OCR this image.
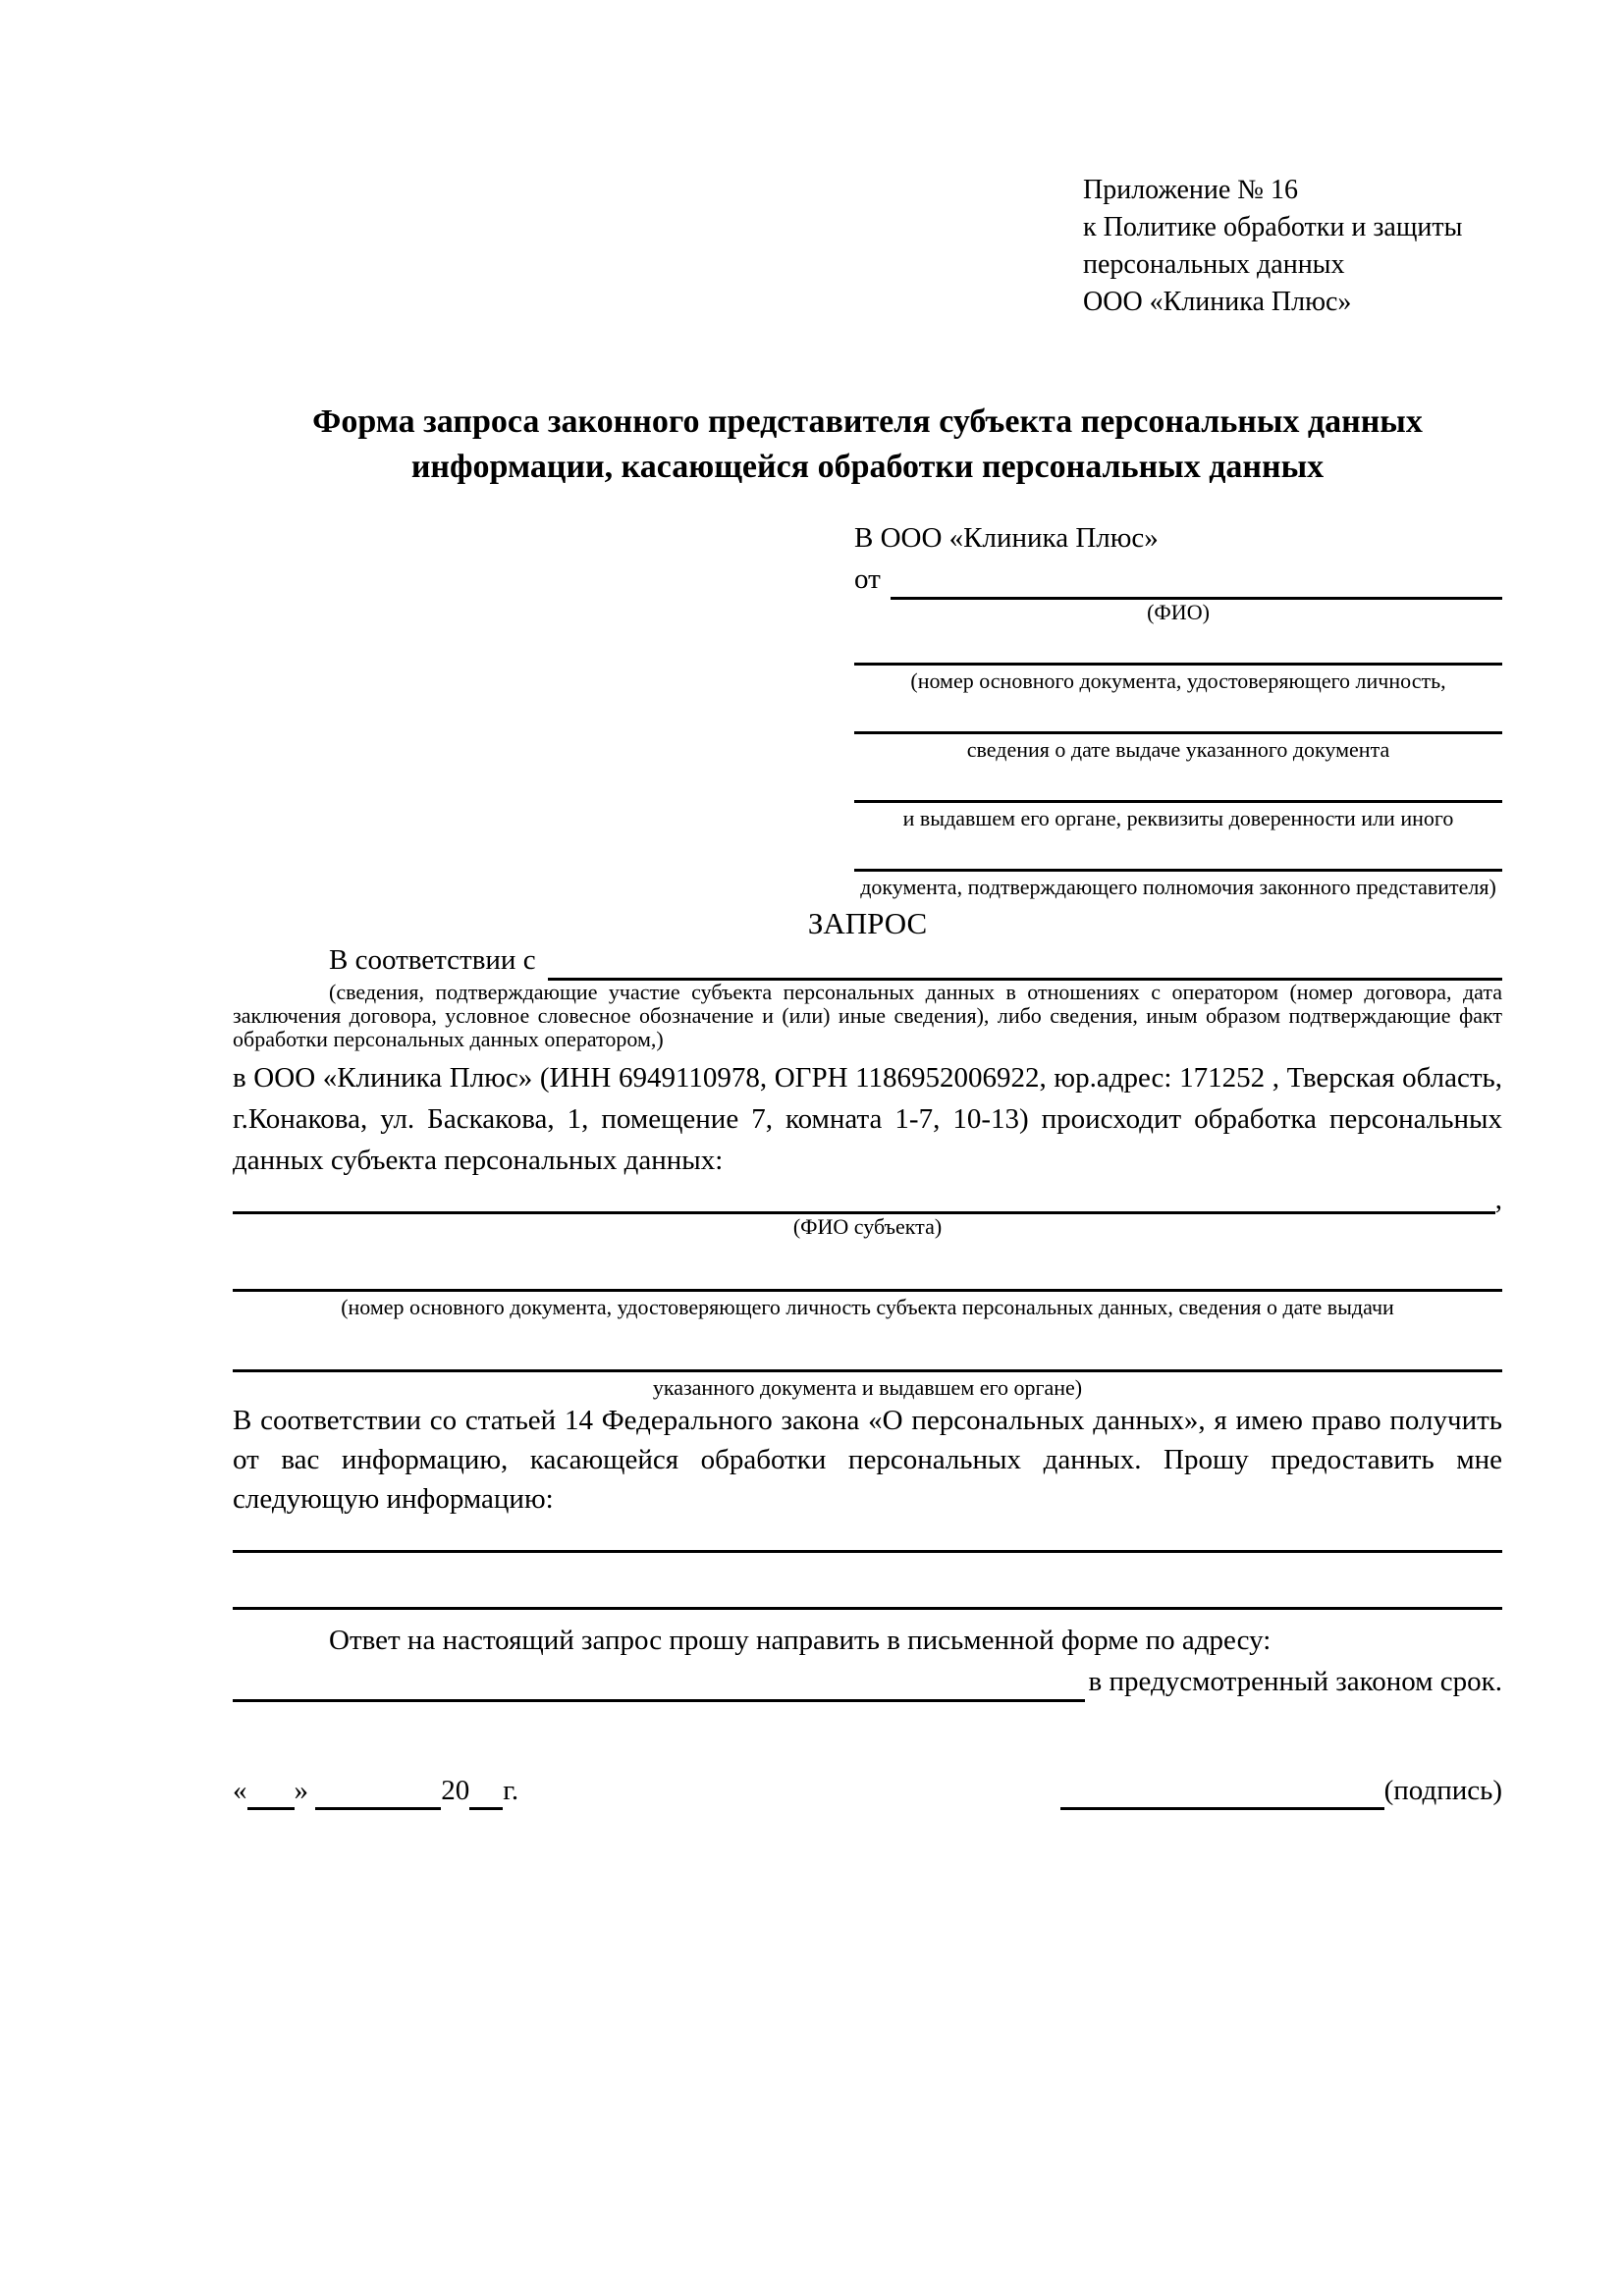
Приложение № 16
к Политике обработки и защиты
персональных данных
ООО «Клиника Плюс»
Форма запроса законного представителя субъекта персональных данных
информации, касающейся обработки персональных данных
В ООО «Клиника Плюс»
от
(ФИО)
(номер основного документа, удостоверяющего личность,
сведения о дате выдаче указанного документа
и выдавшем его органе, реквизиты доверенности или иного
документа, подтверждающего полномочия законного представителя)
ЗАПРОС
В соответствии с
(сведения, подтверждающие участие субъекта персональных данных в отношениях с оператором (номер договора, дата заключения договора, условное словесное обозначение и (или) иные сведения), либо сведения, иным образом подтверждающие факт обработки персональных данных оператором,)
в ООО «Клиника Плюс» (ИНН 6949110978, ОГРН 1186952006922, юр.адрес: 171252 , Тверская область, г.Конакова, ул. Баскакова, 1, помещение 7, комната 1-7, 10-13) происходит обработка персональных данных субъекта персональных данных:
,
(ФИО субъекта)
(номер основного документа, удостоверяющего личность субъекта персональных данных, сведения о дате выдачи
указанного документа и выдавшем его органе)
В соответствии со статьей 14 Федерального закона «О персональных данных», я имею право получить от вас информацию, касающейся обработки персональных данных. Прошу предоставить мне следующую информацию:
Ответ на настоящий запрос прошу направить в письменной форме по адресу:
в предусмотренный законом срок.
« »	20 г.	(подпись)
